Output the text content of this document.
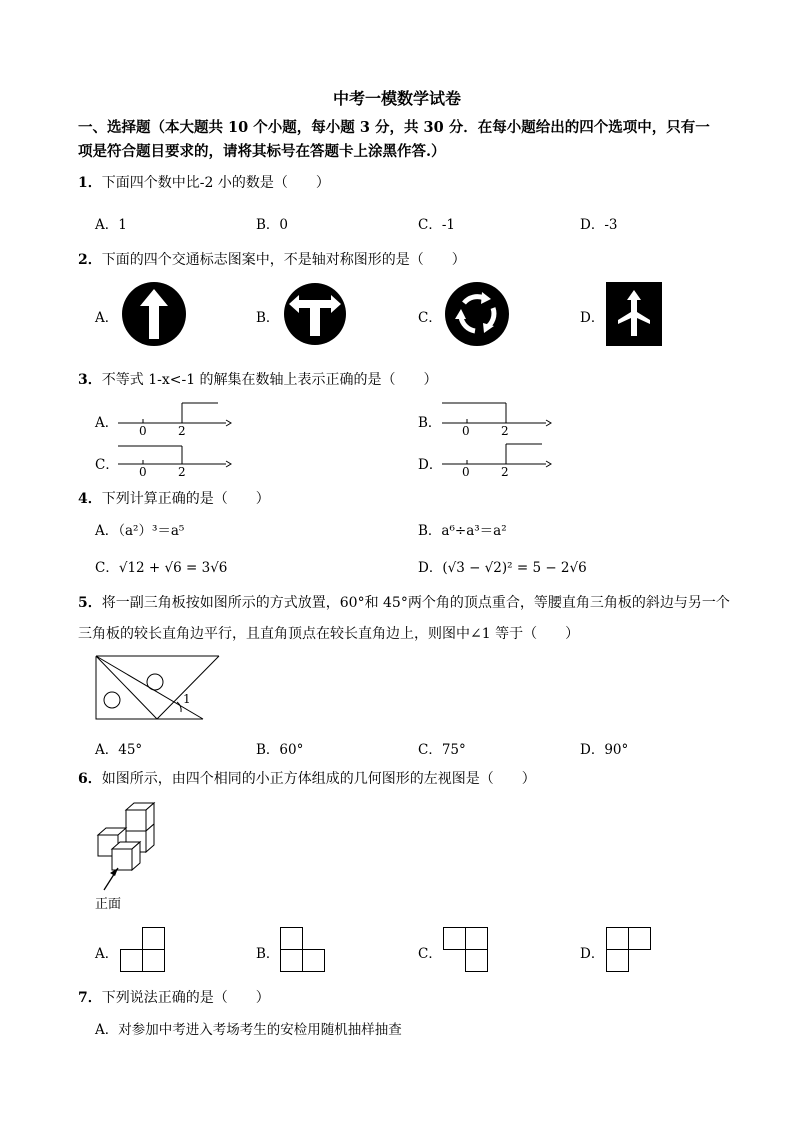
中考一模数学试卷
一、选择题（本大题共 10 个小题，每小题 3 分，共 30 分．在每小题给出的四个选项中，只有一
项是符合题目要求的，请将其标号在答题卡上涂黑作答.）
1．下面四个数中比-2 小的数是（　　）
A．1	B．0	C．-1	D．-3
2．下面的四个交通标志图案中，不是轴对称图形的是（　　）
A．	B．	C．	D．
3．不等式 1-x<-1 的解集在数轴上表示正确的是（　　）
A．	B．
C．	D．
0	2	0	2
0	2	0	2
4．下列计算正确的是（　　）
A．（a²）³＝a⁵	B．a⁶÷a³＝a²
C．√12 + √6 = 3√6	D．(√3 − √2)² = 5 − 2√6
5．将一副三角板按如图所示的方式放置，60°和 45°两个角的顶点重合，等腰直角三角板的斜边与另一个
三角板的较长直角边平行，且直角顶点在较长直角边上，则图中∠1 等于（　　）
1
A．45°	B．60°	C．75°	D．90°
6．如图所示，由四个相同的小正方体组成的几何图形的左视图是（　　）
正面
A．	B．	C．	D．
7．下列说法正确的是（　　）
A．对参加中考进入考场考生的安检用随机抽样抽查
